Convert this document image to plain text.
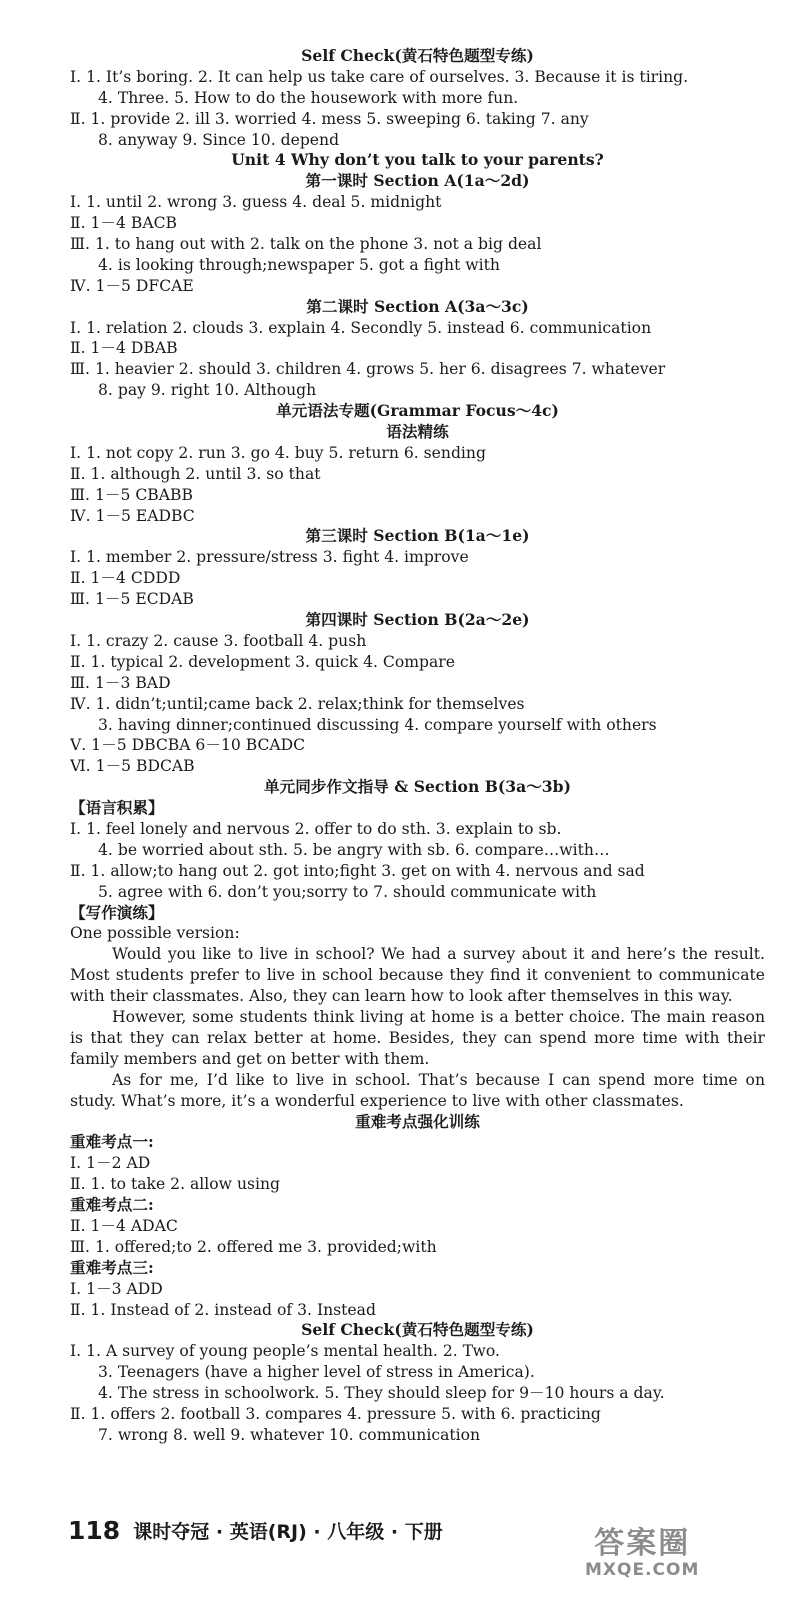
Self Check(黄石特色题型专练)
Ⅰ. 1. It’s boring. 2. It can help us take care of ourselves. 3. Because it is tiring.
4. Three. 5. How to do the housework with more fun.
Ⅱ. 1. provide 2. ill 3. worried 4. mess 5. sweeping 6. taking 7. any
8. anyway 9. Since 10. depend
Unit 4 Why don’t you talk to your parents?
第一课时 Section A(1a～2d)
Ⅰ. 1. until 2. wrong 3. guess 4. deal 5. midnight
Ⅱ. 1－4 BACB
Ⅲ. 1. to hang out with 2. talk on the phone 3. not a big deal
4. is looking through;newspaper 5. got a fight with
Ⅳ. 1－5 DFCAE
第二课时 Section A(3a～3c)
Ⅰ. 1. relation 2. clouds 3. explain 4. Secondly 5. instead 6. communication
Ⅱ. 1－4 DBAB
Ⅲ. 1. heavier 2. should 3. children 4. grows 5. her 6. disagrees 7. whatever
8. pay 9. right 10. Although
单元语法专题(Grammar Focus～4c)
语法精练
Ⅰ. 1. not copy 2. run 3. go 4. buy 5. return 6. sending
Ⅱ. 1. although 2. until 3. so that
Ⅲ. 1－5 CBABB
Ⅳ. 1－5 EADBC
第三课时 Section B(1a～1e)
Ⅰ. 1. member 2. pressure/stress 3. fight 4. improve
Ⅱ. 1－4 CDDD
Ⅲ. 1－5 ECDAB
第四课时 Section B(2a～2e)
Ⅰ. 1. crazy 2. cause 3. football 4. push
Ⅱ. 1. typical 2. development 3. quick 4. Compare
Ⅲ. 1－3 BAD
Ⅳ. 1. didn’t;until;came back 2. relax;think for themselves
3. having dinner;continued discussing 4. compare yourself with others
Ⅴ. 1－5 DBCBA 6－10 BCADC
Ⅵ. 1－5 BDCAB
单元同步作文指导 & Section B(3a～3b)
【语言积累】
Ⅰ. 1. feel lonely and nervous 2. offer to do sth. 3. explain to sb.
4. be worried about sth. 5. be angry with sb. 6. compare…with…
Ⅱ. 1. allow;to hang out 2. got into;fight 3. get on with 4. nervous and sad
5. agree with 6. don’t you;sorry to 7. should communicate with
【写作演练】
One possible version:
Would you like to live in school? We had a survey about it and here’s the result. Most students prefer to live in school because they find it convenient to communicate with their classmates. Also, they can learn how to look after themselves in this way.
However, some students think living at home is a better choice. The main reason is that they can relax better at home. Besides, they can spend more time with their family members and get on better with them.
As for me, I’d like to live in school. That’s because I can spend more time on study. What’s more, it’s a wonderful experience to live with other classmates.
重难考点强化训练
重难考点一:
Ⅰ. 1－2 AD
Ⅱ. 1. to take 2. allow using
重难考点二:
Ⅱ. 1－4 ADAC
Ⅲ. 1. offered;to 2. offered me 3. provided;with
重难考点三:
Ⅰ. 1－3 ADD
Ⅱ. 1. Instead of 2. instead of 3. Instead
Self Check(黄石特色题型专练)
Ⅰ. 1. A survey of young people’s mental health. 2. Two.
3. Teenagers (have a higher level of stress in America).
4. The stress in schoolwork. 5. They should sleep for 9－10 hours a day.
Ⅱ. 1. offers 2. football 3. compares 4. pressure 5. with 6. practicing
7. wrong 8. well 9. whatever 10. communication
118 课时夺冠 · 英语(RJ) · 八年级 · 下册	答案圈
MXQE.COM
